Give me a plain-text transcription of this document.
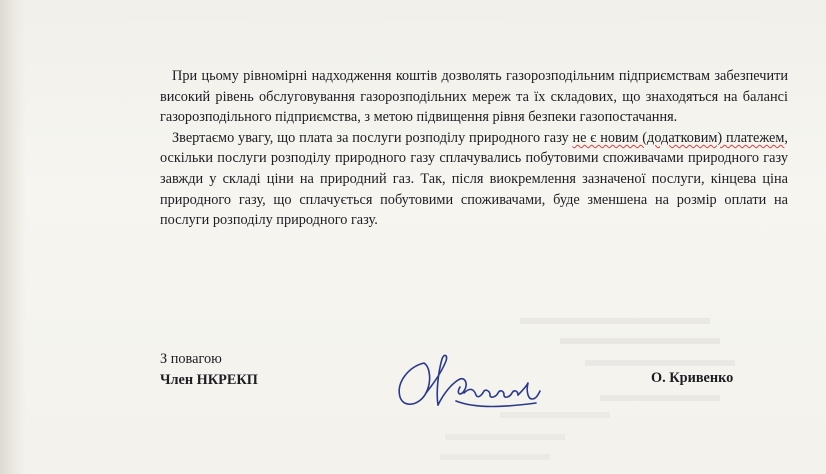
При цьому рівномірні надходження коштів дозволять газорозподільним підприємствам забезпечити високий рівень обслуговування газорозподільних мереж та їх складових, що знаходяться на балансі газорозподільного підприємства, з метою підвищення рівня безпеки газопостачання.

Звертаємо увагу, що плата за послуги розподілу природного газу не є новим (додатковим) платежем, оскільки послуги розподілу природного газу сплачувались побутовими споживачами природного газу завжди у складі ціни на природний газ. Так, після виокремлення зазначеної послуги, кінцева ціна природного газу, що сплачується побутовими споживачами, буде зменшена на розмір оплати на послуги розподілу природного газу.

З повагою
Член НКРЕКП	О. Кривенко
